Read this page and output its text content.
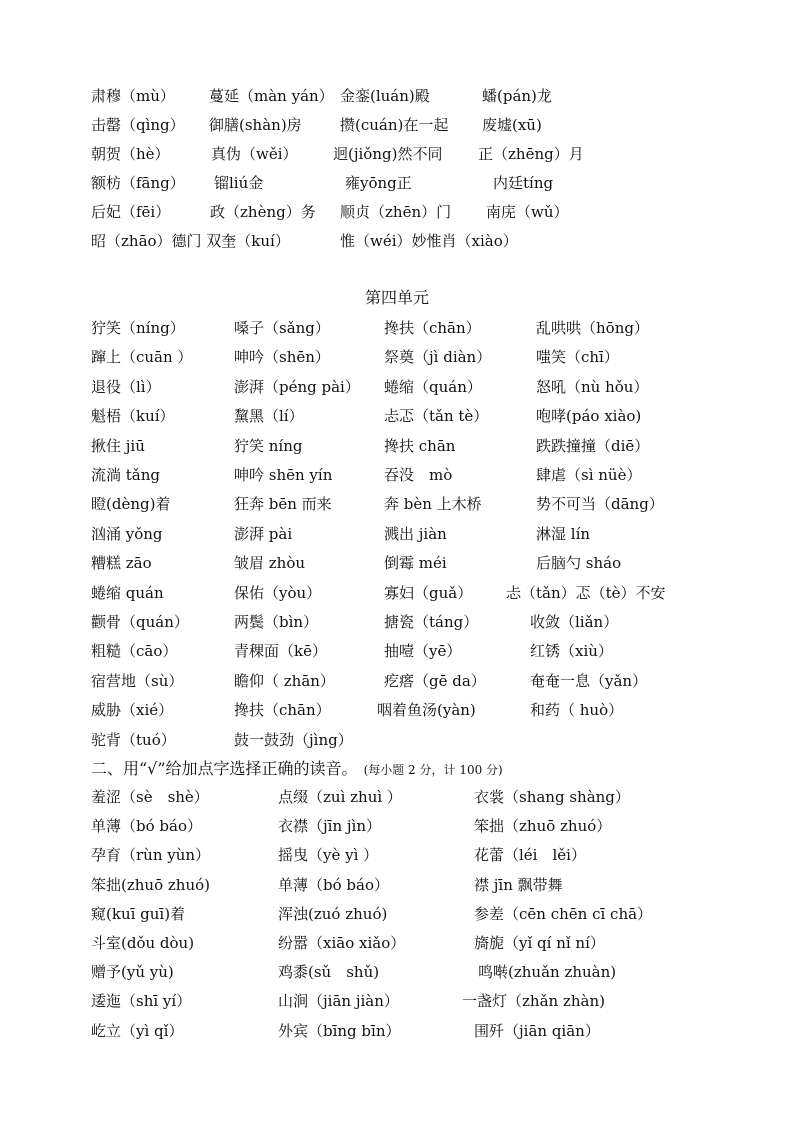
肃穆（mù） 蔓延（màn yán） 金銮(luán)殿	蟠(pán)龙
击罄（qìng） 御膳(shàn)房	攒(cuán)在一起 废墟(xū)
朝贺（hè）	真伪（wěi） 迥(jiǒng)然不同 正（zhēng）月
额枋（fāng） 镏liú金	雍yōng正	内廷tíng
后妃（fēi）	政（zhèng）务 顺贞（zhēn）门 南庑（wǔ）
昭（zhāo）德门 双奎（kuí）	惟（wéi）妙惟肖（xiào）
第四单元
狞笑（níng）	嗓子（sǎng）	搀扶（chān）	乱哄哄（hōng）
蹿上（cuān ）	呻吟（shēn）	祭奠（jì diàn）	嗤笑（chī）
退役（lì）	澎湃（péng pài） 蜷缩（quán）	怒吼（nù hǒu）
魁梧（kuí）	黧黑（lí）	忐忑（tǎn tè）	咆哮(páo xiào)
揪住 jiū	狞笑 níng	搀扶 chān	跌跌撞撞（diē）
流淌 tǎng	呻吟 shēn yín	吞没　mò	肆虐（sì nüè）
瞪(dèng)着	狂奔 bēn 而来	奔 bèn 上木桥	势不可当（dāng）
汹涌 yǒng	澎湃 pài	溅出 jiàn	淋湿 lín
糟糕 zāo	皱眉 zhòu	倒霉 méi	后脑勺 sháo
蜷缩 quán	保佑（yòu）	寡妇（guǎ） 忐（tǎn）忑（tè）不安
颧骨（quán）	两鬓（bìn）	搪瓷（táng）	收敛（liǎn）
粗糙（cāo）	青稞面（kē）	抽噎（yē）	红锈（xiù）
宿营地（sù）	瞻仰（ zhān）	疙瘩（gē da）	奄奄一息（yǎn）
威胁（xié）	搀扶（chān）	咽着鱼汤(yàn)	和药（ huò）
驼背（tuó）	鼓一鼓劲（jìng）
二、用“√”给加点字选择正确的读音。 (每小题 2 分，计 100 分)
羞涩（sè　shè）	点缀（zuì zhuì ）	衣裳（shang shàng）
单薄（bó báo）	衣襟（jīn jìn）	笨拙（zhuō zhuó）
孕育（rùn yùn）	摇曳（yè yì ）	花蕾（léi　lěi）
笨拙(zhuō zhuó)	单薄（bó báo）	襟 jīn 飘带舞
窥(kuī guī)着	浑浊(zuó zhuó)	参差（cēn chēn cī chā）
斗室(dǒu dòu)	纷嚣（xiāo xiǎo）	旖旎（yǐ qí nǐ ní）
赠予(yǔ yù)	鸡黍(sǔ　shǔ)	鸣啭(zhuǎn zhuàn)
逶迤（shī yí）	山涧（jiān jiàn）	一盏灯（zhǎn zhàn)
屹立（yì qǐ）	外宾（bīng bīn）	围歼（jiān qiān）
